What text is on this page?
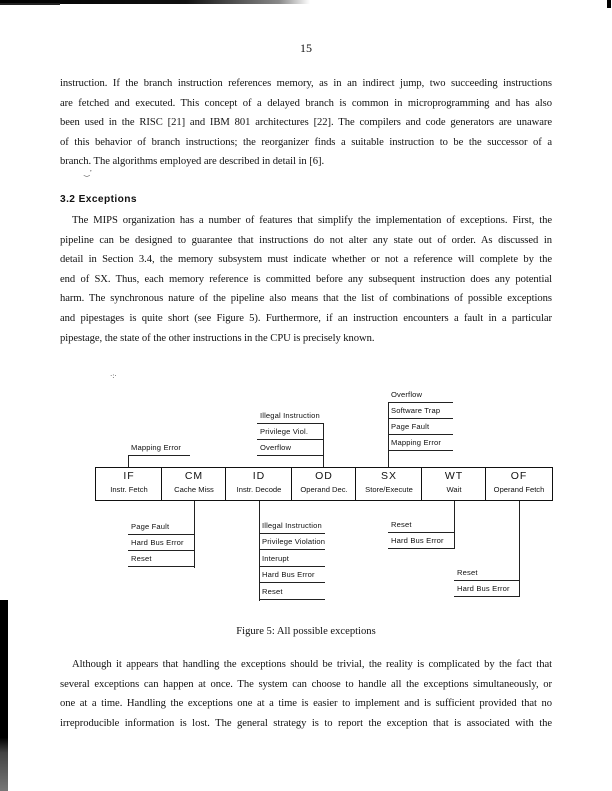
15
instruction. If the branch instruction references memory, as in an indirect jump, two succeeding instructions
are fetched and executed. This concept of a delayed branch is common in microprogramming and has also
been used in the RISC [21] and IBM 801 architectures [22]. The compilers and code generators are unaware
of this behavior of branch instructions; the reorganizer finds a suitable instruction to be the successor of a
branch. The algorithms employed are described in detail in [6].
‿’
3.2 Exceptions
The MIPS organization has a number of features that simplify the implementation of exceptions. First, the
pipeline can be designed to guarantee that instructions do not alter any state out of order. As discussed in
detail in Section 3.4, the memory subsystem must indicate whether or not a reference will complete by the
end of SX. Thus, each memory reference is committed before any subsequent instruction does any potential
harm. The synchronous nature of the pipeline also means that the list of combinations of possible exceptions
and pipestages is quite short (see Figure 5). Furthermore, if an instruction encounters a fault in a particular
pipestage, the state of the other instructions in the CPU is precisely known.
IF
Instr. Fetch
CM
Cache Miss
ID
Instr. Decode
OD
Operand Dec.
SX
Store/Execute
WT
Wait
OF
Operand Fetch
Mapping Error
Illegal Instruction
Privilege Viol.
Overflow
Overflow
Software Trap
Page Fault
Mapping Error
Page Fault
Hard Bus Error
Reset
Illegal Instruction
Privilege Violation
Interupt
Hard Bus Error
Reset
Reset
Hard Bus Error
Reset
Hard Bus Error
·:·
Figure 5: All possible exceptions
Although it appears that handling the exceptions should be trivial, the reality is complicated by the fact that
several exceptions can happen at once. The system can choose to handle all the exceptions simultaneously, or
one at a time. Handling the exceptions one at a time is easier to implement and is sufficient provided that no
irreproducible information is lost. The general strategy is to report the exception that is associated with the
